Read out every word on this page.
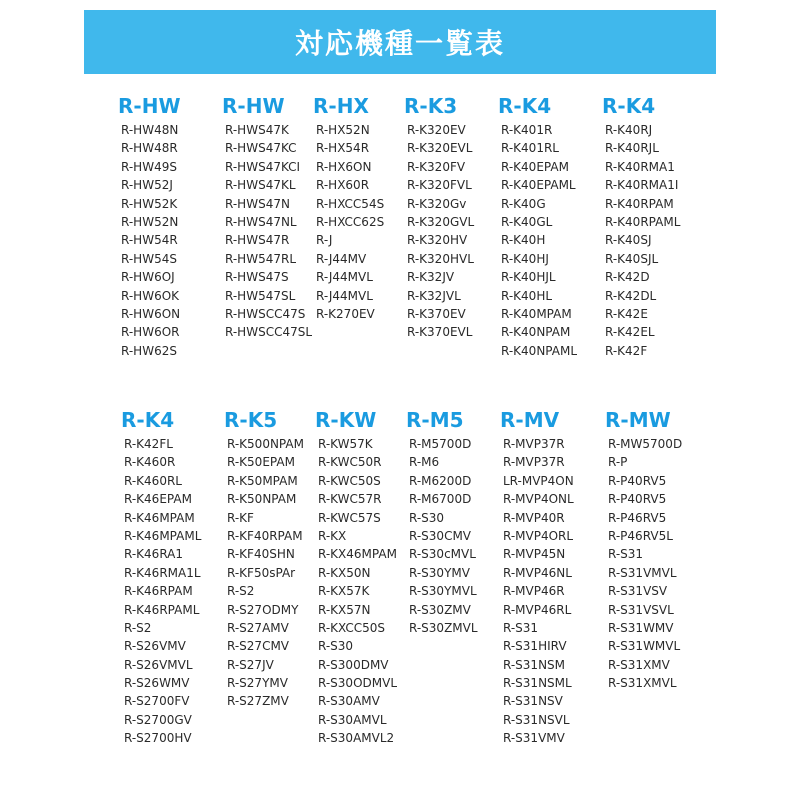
対応機種一覧表
R-HW
R-HW48N
R-HW48R
R-HW49S
R-HW52J
R-HW52K
R-HW52N
R-HW54R
R-HW54S
R-HW6OJ
R-HW6OK
R-HW6ON
R-HW6OR
R-HW62S
R-HW
R-HWS47K
R-HWS47KC
R-HWS47KCI
R-HWS47KL
R-HWS47N
R-HWS47NL
R-HWS47R
R-HW547RL
R-HWS47S
R-HW547SL
R-HWSCC47S
R-HWSCC47SL
R-HX
R-HX52N
R-HX54R
R-HX6ON
R-HX60R
R-HXCC54S
R-HXCC62S
R-J
R-J44MV
R-J44MVL
R-J44MVL
R-K270EV
R-K3
R-K320EV
R-K320EVL
R-K320FV
R-K320FVL
R-K320Gv
R-K320GVL
R-K320HV
R-K320HVL
R-K32JV
R-K32JVL
R-K370EV
R-K370EVL
R-K4
R-K401R
R-K401RL
R-K40EPAM
R-K40EPAML
R-K40G
R-K40GL
R-K40H
R-K40HJ
R-K40HJL
R-K40HL
R-K40MPAM
R-K40NPAM
R-K40NPAML
R-K4
R-K40RJ
R-K40RJL
R-K40RMA1
R-K40RMA1I
R-K40RPAM
R-K40RPAML
R-K40SJ
R-K40SJL
R-K42D
R-K42DL
R-K42E
R-K42EL
R-K42F
R-K4
R-K42FL
R-K460R
R-K460RL
R-K46EPAM
R-K46MPAM
R-K46MPAML
R-K46RA1
R-K46RMA1L
R-K46RPAM
R-K46RPAML
R-S2
R-S26VMV
R-S26VMVL
R-S26WMV
R-S2700FV
R-S2700GV
R-S2700HV
R-K5
R-K500NPAM
R-K50EPAM
R-K50MPAM
R-K50NPAM
R-KF
R-KF40RPAM
R-KF40SHN
R-KF50sPAr
R-S2
R-S27ODMY
R-S27AMV
R-S27CMV
R-S27JV
R-S27YMV
R-S27ZMV
R-KW
R-KW57K
R-KWC50R
R-KWC50S
R-KWC57R
R-KWC57S
R-KX
R-KX46MPAM
R-KX50N
R-KX57K
R-KX57N
R-KXCC50S
R-S30
R-S300DMV
R-S30ODMVL
R-S30AMV
R-S30AMVL
R-S30AMVL2
R-M5
R-M5700D
R-M6
R-M6200D
R-M6700D
R-S30
R-S30CMV
R-S30cMVL
R-S30YMV
R-S30YMVL
R-S30ZMV
R-S30ZMVL
R-MV
R-MVP37R
R-MVP37R
LR-MVP4ON
R-MVP4ONL
R-MVP40R
R-MVP4ORL
R-MVP45N
R-MVP46NL
R-MVP46R
R-MVP46RL
R-S31
R-S31HIRV
R-S31NSM
R-S31NSML
R-S31NSV
R-S31NSVL
R-S31VMV
R-MW
R-MW5700D
R-P
R-P40RV5
R-P40RV5
R-P46RV5
R-P46RV5L
R-S31
R-S31VMVL
R-S31VSV
R-S31VSVL
R-S31WMV
R-S31WMVL
R-S31XMV
R-S31XMVL
